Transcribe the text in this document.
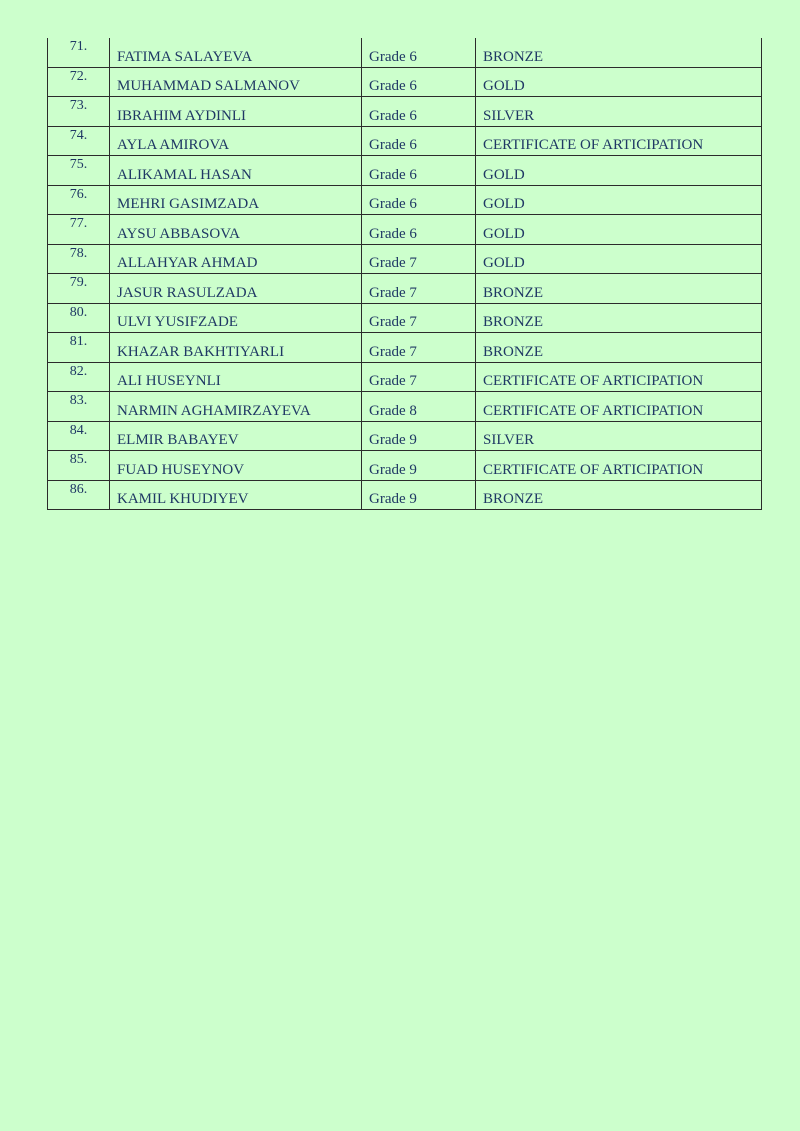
71.	FATIMA SALAYEVA	Grade 6	BRONZE
72.	MUHAMMAD SALMANOV	Grade 6	GOLD
73.	IBRAHIM AYDINLI	Grade 6	SILVER
74.	AYLA AMIROVA	Grade 6	CERTIFICATE OF ARTICIPATION
75.	ALIKAMAL HASAN	Grade 6	GOLD
76.	MEHRI GASIMZADA	Grade 6	GOLD
77.	AYSU ABBASOVA	Grade 6	GOLD
78.	ALLAHYAR AHMAD	Grade 7	GOLD
79.	JASUR RASULZADA	Grade 7	BRONZE
80.	ULVI YUSIFZADE	Grade 7	BRONZE
81.	KHAZAR BAKHTIYARLI	Grade 7	BRONZE
82.	ALI HUSEYNLI	Grade 7	CERTIFICATE OF ARTICIPATION
83.	NARMIN AGHAMIRZAYEVA	Grade 8	CERTIFICATE OF ARTICIPATION
84.	ELMIR BABAYEV	Grade 9	SILVER
85.	FUAD HUSEYNOV	Grade 9	CERTIFICATE OF ARTICIPATION
86.	KAMIL KHUDIYEV	Grade 9	BRONZE
